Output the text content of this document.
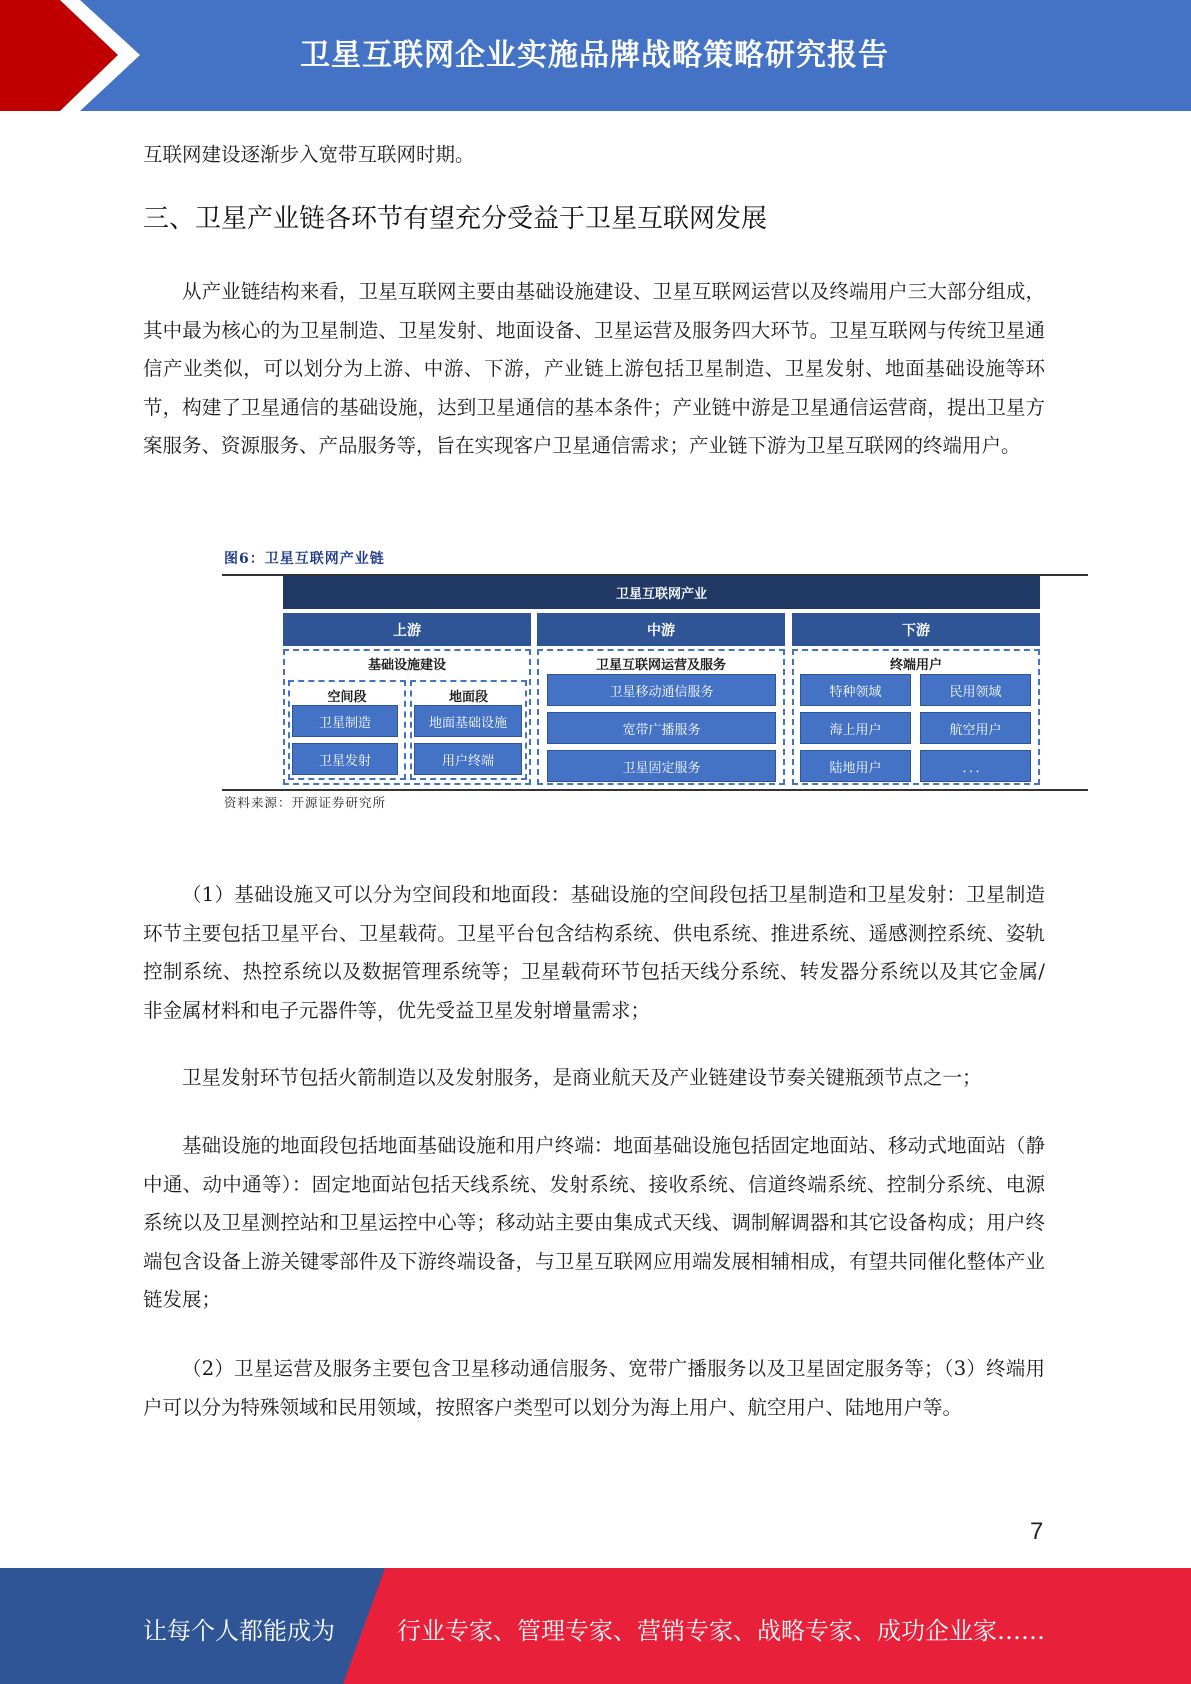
卫星互联网企业实施品牌战略策略研究报告
互联网建设逐渐步入宽带互联网时期。
三、卫星产业链各环节有望充分受益于卫星互联网发展
从产业链结构来看，卫星互联网主要由基础设施建设、卫星互联网运营以及终端用户三大部分组成，其中最为核心的为卫星制造、卫星发射、地面设备、卫星运营及服务四大环节。卫星互联网与传统卫星通信产业类似，可以划分为上游、中游、下游，产业链上游包括卫星制造、卫星发射、地面基础设施等环节，构建了卫星通信的基础设施，达到卫星通信的基本条件；产业链中游是卫星通信运营商，提出卫星方案服务、资源服务、产品服务等，旨在实现客户卫星通信需求；产业链下游为卫星互联网的终端用户。
图6：卫星互联网产业链
卫星互联网产业
上游	中游	下游
基础设施建设
空间段	地面段
卫星制造
卫星发射
地面基础设施
用户终端
卫星互联网运营及服务
卫星移动通信服务
宽带广播服务
卫星固定服务
终端用户
特种领域	民用领域
海上用户	航空用户
陆地用户	．．．
资料来源：开源证券研究所
（1）基础设施又可以分为空间段和地面段：基础设施的空间段包括卫星制造和卫星发射：卫星制造环节主要包括卫星平台、卫星载荷。卫星平台包含结构系统、供电系统、推进系统、遥感测控系统、姿轨控制系统、热控系统以及数据管理系统等；卫星载荷环节包括天线分系统、转发器分系统以及其它金属/非金属材料和电子元器件等，优先受益卫星发射增量需求；
卫星发射环节包括火箭制造以及发射服务，是商业航天及产业链建设节奏关键瓶颈节点之一；
基础设施的地面段包括地面基础设施和用户终端：地面基础设施包括固定地面站、移动式地面站（静中通、动中通等）：固定地面站包括天线系统、发射系统、接收系统、信道终端系统、控制分系统、电源系统以及卫星测控站和卫星运控中心等；移动站主要由集成式天线、调制解调器和其它设备构成；用户终端包含设备上游关键零部件及下游终端设备，与卫星互联网应用端发展相辅相成，有望共同催化整体产业链发展；
（2）卫星运营及服务主要包含卫星移动通信服务、宽带广播服务以及卫星固定服务等；（3）终端用户可以分为特殊领域和民用领域，按照客户类型可以划分为海上用户、航空用户、陆地用户等。
7
让每个人都能成为	行业专家、管理专家、营销专家、战略专家、成功企业家……
